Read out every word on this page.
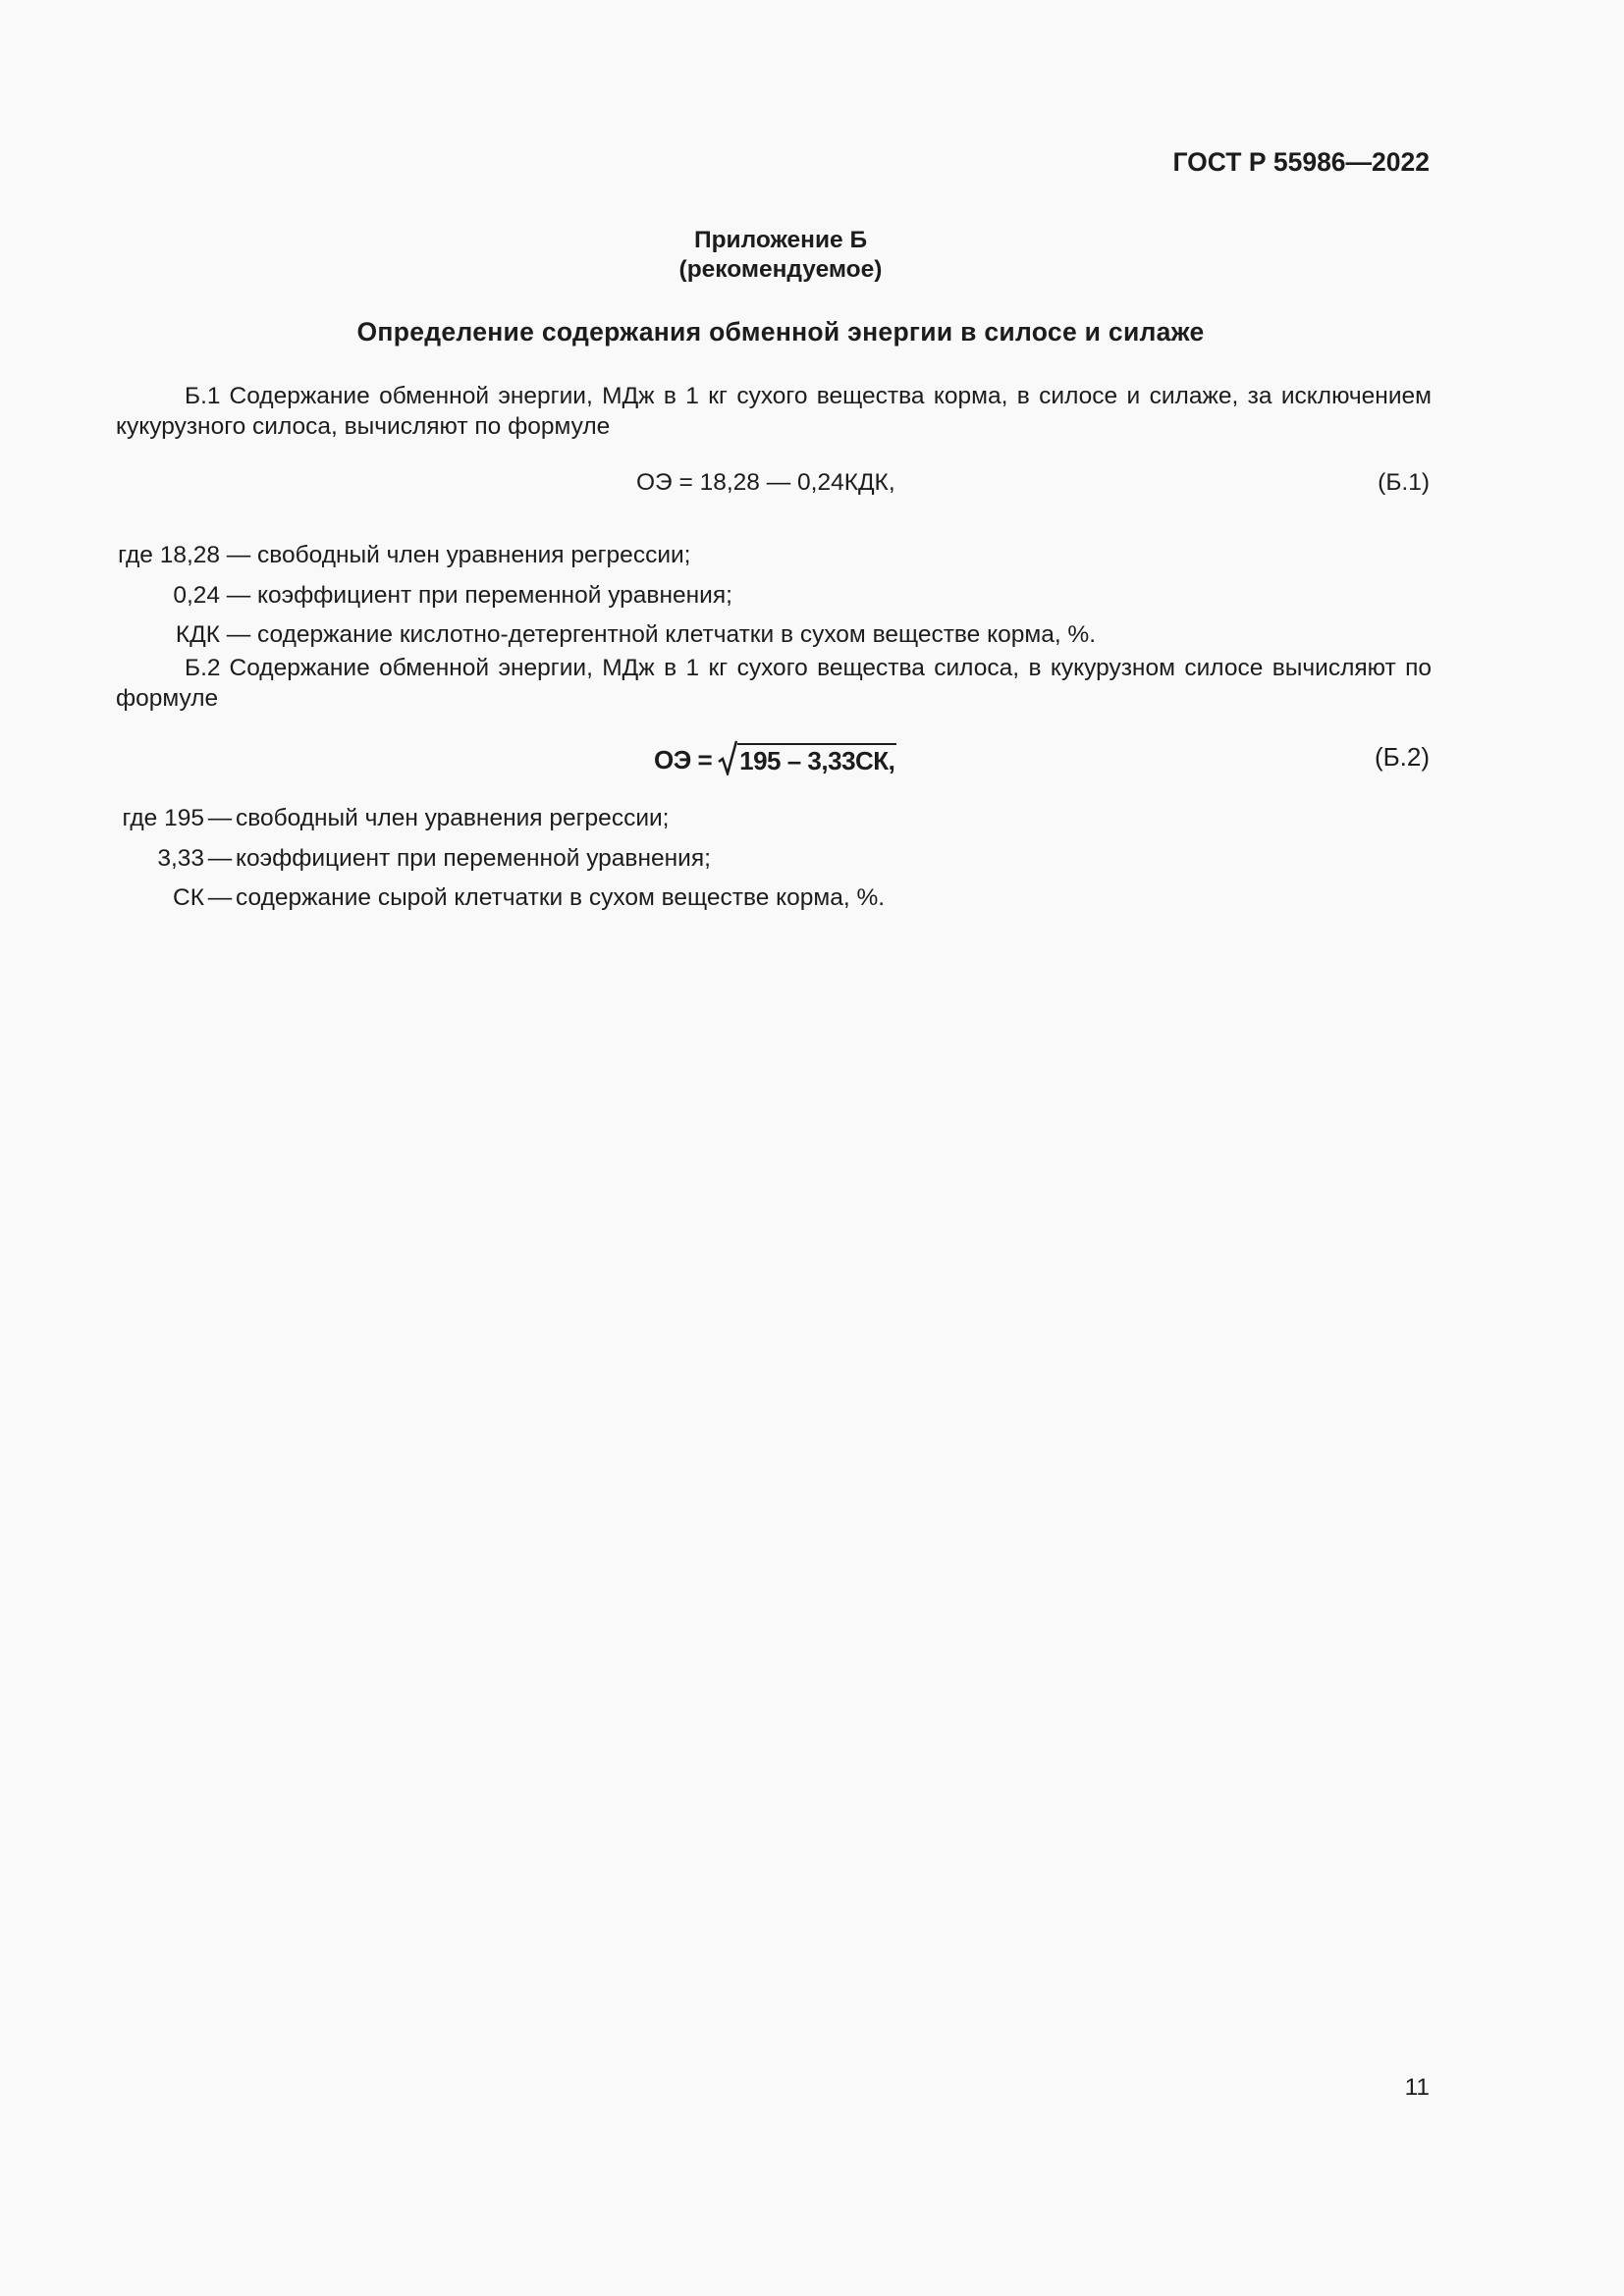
ГОСТ Р 55986—2022
Приложение Б
(рекомендуемое)
Определение содержания обменной энергии в силосе и силаже
Б.1 Содержание обменной энергии, МДж в 1 кг сухого вещества корма, в силосе и силаже, за исключением кукурузного силоса, вычисляют по формуле
ОЭ = 18,28 — 0,24КДК,	(Б.1)
где 18,28 — свободный член уравнения регрессии;
0,24 — коэффициент при переменной уравнения;
КДК — содержание кислотно-детергентной клетчатки в сухом веществе корма, %.
Б.2 Содержание обменной энергии, МДж в 1 кг сухого вещества силоса, в кукурузном силосе вычисляют по формуле
ОЭ = 195 – 3,33СК,	(Б.2)
где 195 — свободный член уравнения регрессии;
3,33 — коэффициент при переменной уравнения;
СК — содержание сырой клетчатки в сухом веществе корма, %.
11
